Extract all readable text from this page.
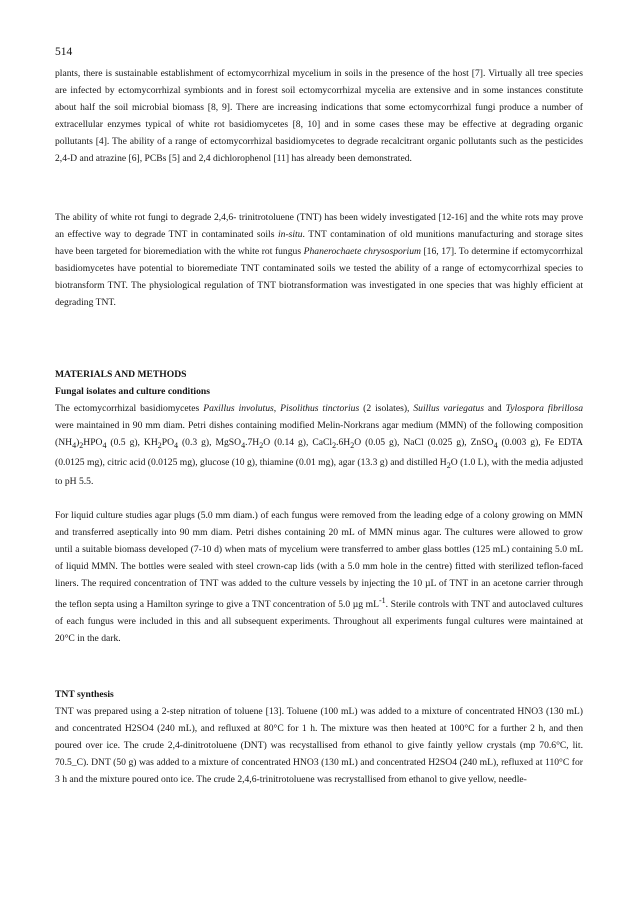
514
plants, there is sustainable establishment of ectomycorrhizal mycelium in soils in the presence of the host [7]. Virtually all tree species are infected by ectomycorrhizal symbionts and in forest soil ectomycorrhizal mycelia are extensive and in some instances constitute about half the soil microbial biomass [8, 9]. There are increasing indications that some ectomycorrhizal fungi produce a number of extracellular enzymes typical of white rot basidiomycetes [8, 10] and in some cases these may be effective at degrading organic pollutants [4]. The ability of a range of ectomycorrhizal basidiomycetes to degrade recalcitrant organic pollutants such as the pesticides 2,4-D and atrazine [6], PCBs [5] and 2,4 dichlorophenol [11] has already been demonstrated.
The ability of white rot fungi to degrade 2,4,6- trinitrotoluene (TNT) has been widely investigated [12-16] and the white rots may prove an effective way to degrade TNT in contaminated soils in-situ. TNT contamination of old munitions manufacturing and storage sites have been targeted for bioremediation with the white rot fungus Phanerochaete chrysosporium [16, 17]. To determine if ectomycorrhizal basidiomycetes have potential to bioremediate TNT contaminated soils we tested the ability of a range of ectomycorrhizal species to biotransform TNT. The physiological regulation of TNT biotransformation was investigated in one species that was highly efficient at degrading TNT.
MATERIALS AND METHODS
Fungal isolates and culture conditions
The ectomycorrhizal basidiomycetes Paxillus involutus, Pisolithus tinctorius (2 isolates), Suillus variegatus and Tylospora fibrillosa were maintained in 90 mm diam. Petri dishes containing modified Melin-Norkrans agar medium (MMN) of the following composition $(NH_4)_2HPO_4$ (0.5 g), $KH_2PO_4$ (0.3 g), $MgSO_4.7H_2O$ (0.14 g), $CaCl_2.6H_2O$ (0.05 g), NaCl (0.025 g), ZnSO$_4$ (0.003 g), Fe EDTA (0.0125 mg), citric acid (0.0125 mg), glucose (10 g), thiamine (0.01 mg), agar (13.3 g) and distilled $H_2O$ (1.0 L), with the media adjusted to pH 5.5.
For liquid culture studies agar plugs (5.0 mm diam.) of each fungus were removed from the leading edge of a colony growing on MMN and transferred aseptically into 90 mm diam. Petri dishes containing 20 mL of MMN minus agar. The cultures were allowed to grow until a suitable biomass developed (7-10 d) when mats of mycelium were transferred to amber glass bottles (125 mL) containing 5.0 mL of liquid MMN. The bottles were sealed with steel crown-cap lids (with a 5.0 mm hole in the centre) fitted with sterilized teflon-faced liners. The required concentration of TNT was added to the culture vessels by injecting the 10 µL of TNT in an acetone carrier through the teflon septa using a Hamilton syringe to give a TNT concentration of 5.0 µg $mL^{-1}$. Sterile controls with TNT and autoclaved cultures of each fungus were included in this and all subsequent experiments. Throughout all experiments fungal cultures were maintained at 20°C in the dark.
TNT synthesis
TNT was prepared using a 2-step nitration of toluene [13]. Toluene (100 mL) was added to a mixture of concentrated HNO3 (130 mL) and concentrated H2SO4 (240 mL), and refluxed at 80°C for 1 h. The mixture was then heated at 100°C for a further 2 h, and then poured over ice. The crude 2,4-dinitrotoluene (DNT) was recystallised from ethanol to give faintly yellow crystals (mp 70.6°C, lit. 70.5_C). DNT (50 g) was added to a mixture of concentrated HNO3 (130 mL) and concentrated H2SO4 (240 mL), refluxed at 110°C for 3 h and the mixture poured onto ice. The crude 2,4,6-trinitrotoluene was recrystallised from ethanol to give yellow, needle-
